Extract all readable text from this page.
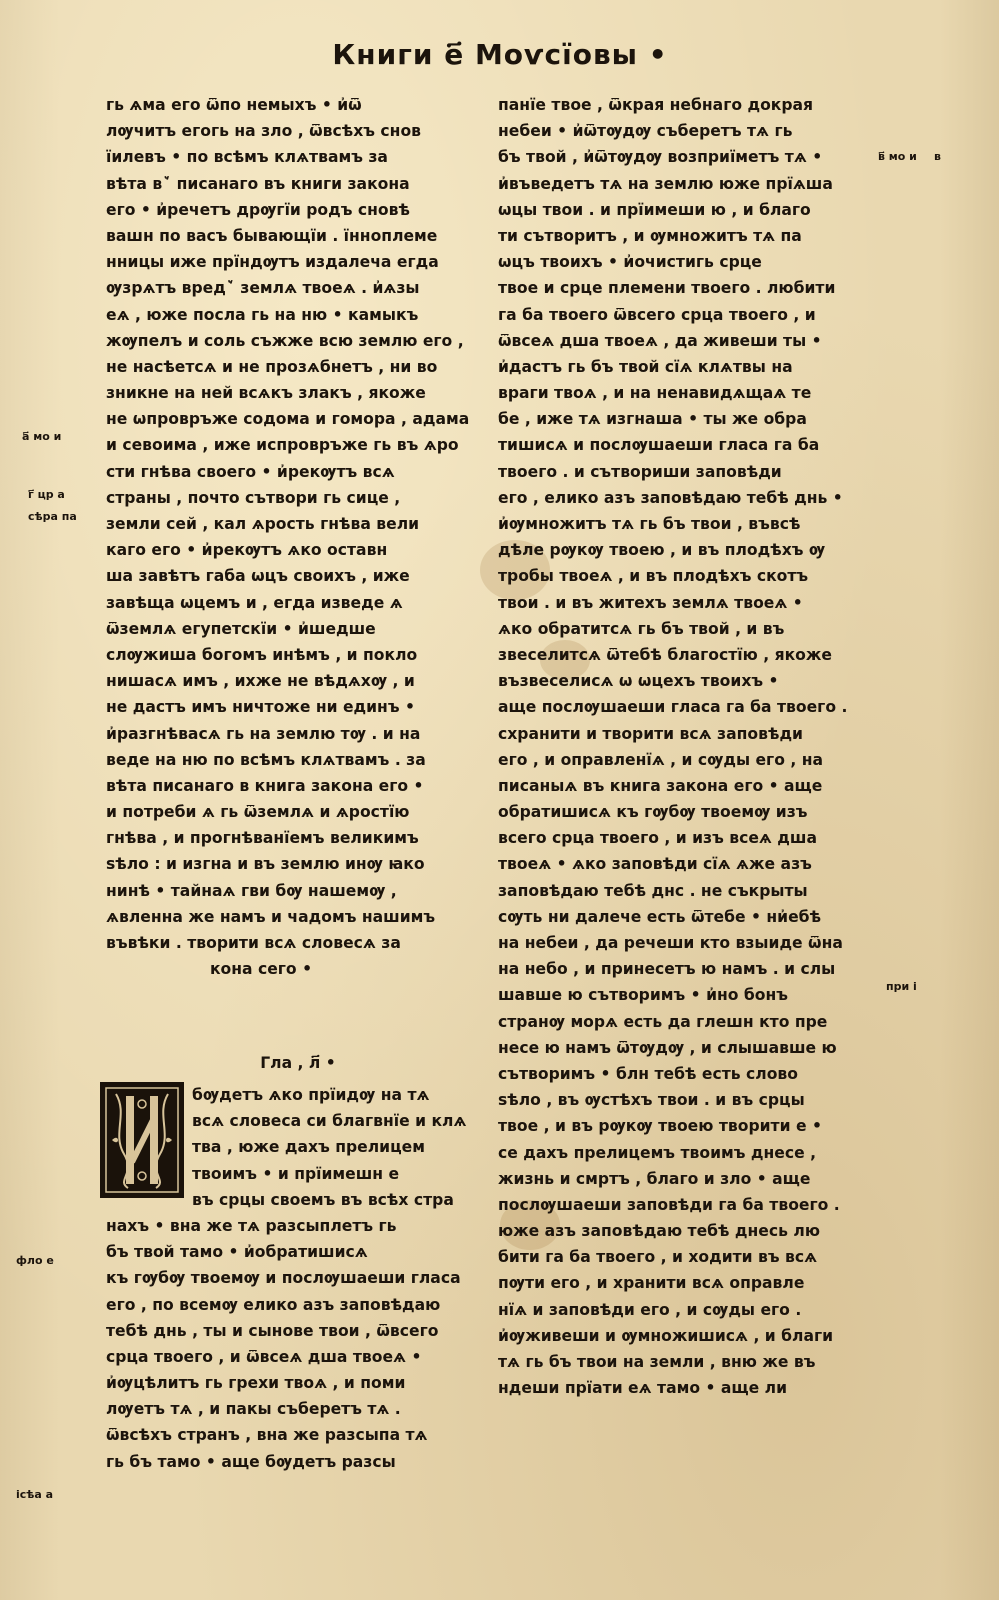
Книги е҃ Моѵсїовы •
гь ѧма его ѿпо немыхъ • и҆ѿ
лѹчитъ егогь на зло , ѿвсѣхъ снов
їилевъ • по всѣмъ клѧтвамъ за
вѣта вꙿ писанаго въ книги закона
его • и҆речетъ дрѹгїи родъ сновѣ
вашн по васъ бывающїи . їнноплеме
нницы иже прїндѹтъ издалеча егда
ѹзрѧтъ вредꙿ землѧ твоеѧ . и҆ѧзы
еѧ , юже посла гь на ню • камыкъ
жѹпелъ и соль съжже всю землю его ,
не насѣетсѧ и не прозѧбнетъ , ни во
зникне на ней всѧкъ злакъ , якоже
не ѡпровръже содома и гомора , адама
и севоима , иже испровръже гь въ ѧро
сти гнѣва своего • и҆рекѹтъ всѧ
страны , почто сътвори гь сице ,
земли сей , кал ѧрость гнѣва вели
каго его • и҆рекѹтъ ѧко оставн
ша завѣтъ габа ѡцъ своихъ , иже
завѣща ѡцемъ и , егда изведе ѧ
ѿземлѧ егупетскїи • и҆шедше
слѹжиша богомъ инѣмъ , и покло
нишасѧ имъ , ихже не вѣдѧхѹ , и
не дастъ имъ ничтоже ни единъ •
и҆разгнѣвасѧ гь на землю тѹ . и на
веде на ню по всѣмъ клѧтвамъ . за
вѣта писанаго в книга закона его •
и потреби ѧ гь ѿземлѧ и ѧростїю
гнѣва , и прогнѣванїемъ великимъ
ѕѣло : и изгна и въ землю инѹ ꙗко
нинѣ • тайнаѧ гви бѹ нашемѹ ,
ѧвленна же намъ и чадомъ нашимъ
въвѣки . творити всѧ словесѧ за
кона сего •
Гла , л҃ •
И
бѹдетъ ѧко прїидѹ на тѧ
всѧ словеса си благвнїе и клѧ
тва , юже дахъ прелицем
твоимъ • и прїимешн е
въ срцы своемъ въ всѣх стра
нахъ • вна же тѧ разсыплетъ гь
бъ твой тамо • и҆обратишисѧ
къ гѹбѹ твоемѹ и послѹшаеши гласа
его , по всемѹ елико азъ заповѣдаю
тебѣ днь , ты и сынове твои , ѿвсего
срца твоего , и ѿвсеѧ дша твоеѧ •
и҆ѹцѣлитъ гь грехи твоѧ , и поми
лѹетъ тѧ , и пакы съберетъ тѧ .
ѿвсѣхъ странъ , вна же разсыпа тѧ
гь бъ тамо • аще бѹдетъ разсы
панїе твое , ѿкрая небнаго докрая
небеи • и҆ѿтѹдѹ съберетъ тѧ гь
бъ твой , и҆ѿтѹдѹ возприїметъ тѧ •
и҆въведетъ тѧ на землю юже прїѧша
ѡцы твои . и прїимеши ю , и благо
ти сътворитъ , и ѹмножитъ тѧ па
ѡцъ твоихъ • и҆очистигь срце
твое и срце племени твоего . любити
га ба твоего ѿвсего срца твоего , и
ѿвсеѧ дша твоеѧ , да живеши ты •
и҆дастъ гь бъ твой сїѧ клѧтвы на
враги твоѧ , и на ненавидѧщаѧ те
бе , иже тѧ изгнаша • ты же обра
тишисѧ и послѹшаеши гласа га ба
твоего . и сътвориши заповѣди
его , елико азъ заповѣдаю тебѣ днь •
и҆ѹмножитъ тѧ гь бъ твои , въвсѣ
дѣле рѹкѹ твоею , и въ плодѣхъ ѹ
тробы твоеѧ , и въ плодѣхъ скотъ
твои . и въ житехъ землѧ твоеѧ •
ѧко обратитсѧ гь бъ твой , и въ
звеселитсѧ ѿтебѣ благостїю , якоже
възвеселисѧ ѡ ѡцехъ твоихъ •
аще послѹшаеши гласа га ба твоего .
схранити и творити всѧ заповѣди
его , и оправленїѧ , и сѹды его , на
писаныѧ въ книга закона его • аще
обратишисѧ къ гѹбѹ твоемѹ изъ
всего срца твоего , и изъ всеѧ дша
твоеѧ • ѧко заповѣди сїѧ ѧже азъ
заповѣдаю тебѣ днс . не съкрыты
сѹть ни далече есть ѿтебе • ни҆ебѣ
на небеи , да речеши кто взыиде ѿна
на небо , и принесетъ ю намъ . и слы
шавше ю сътворимъ • и҆но бонъ
странѹ морѧ есть да глешн кто пре
несе ю намъ ѿтѹдѹ , и слышавше ю
сътворимъ • блн тебѣ есть слово
ѕѣло , въ ѹстѣхъ твои . и въ срцы
твое , и въ рѹкѹ твоею творити е •
се дахъ прелицемъ твоимъ днесе ,
жизнь и смртъ , благо и зло • аще
послѹшаеши заповѣди га ба твоего .
юже азъ заповѣдаю тебѣ днесь лю
бити га ба твоего , и ходити въ всѧ
пѹти его , и хранити всѧ оправле
нїѧ и заповѣди его , и сѹды его .
и҆ѹживеши и ѹмножишисѧ , и благи
тѧ гь бъ твои на земли , вню же въ
ндеши прїати еѧ тамо • аще ли
в҃ мо и в
а҃ мо и
г҃ цр а
сѣра па
при і
фло е
ісѣа а
